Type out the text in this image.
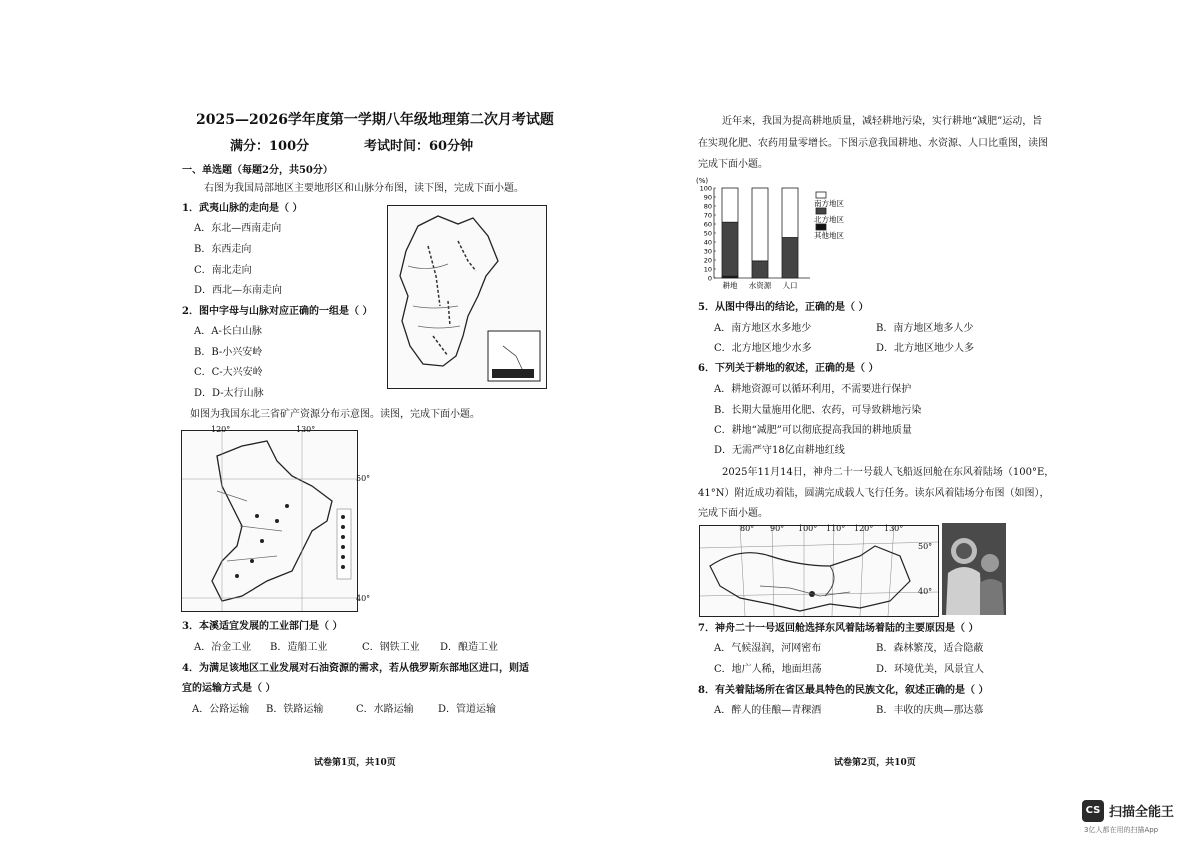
2025—2026学年度第一学期八年级地理第二次月考试题
满分：100分	考试时间：60分钟
一、单选题（每题2分，共50分）
右图为我国局部地区主要地形区和山脉分布图，读下图，完成下面小题。
1．武夷山脉的走向是（ ）
A．东北—西南走向
B．东西走向
C．南北走向
D．西北—东南走向
2．图中字母与山脉对应正确的一组是（ ）
A．A-长白山脉
B．B-小兴安岭
C．C-大兴安岭
D．D-太行山脉
如图为我国东北三省矿产资源分布示意图。读图，完成下面小题。
120°	130°
50°
40°
3．本溪适宜发展的工业部门是（ ）
A．冶金工业 B．造船工业	C．钢铁工业 D．酿造工业
4．为满足该地区工业发展对石油资源的需求，若从俄罗斯东部地区进口，则适
宜的运输方式是（ ）
A．公路运输 B．铁路运输	C．水路运输 D．管道运输
试卷第1页，共10页
近年来，我国为提高耕地质量，减轻耕地污染，实行耕地“减肥”运动，旨
在实现化肥、农药用量零增长。下图示意我国耕地、水资源、人口比重图，读图
完成下面小题。
(%)
0
10
20
30
40
50
60
70
80
90
100
耕地 水资源 人口
南方地区
北方地区
其他地区
5．从图中得出的结论，正确的是（ ）
A．南方地区水多地少	B．南方地区地多人少
C．北方地区地少水多	D．北方地区地少人多
6．下列关于耕地的叙述，正确的是（ ）
A．耕地资源可以循环利用，不需要进行保护
B．长期大量施用化肥、农药，可导致耕地污染
C．耕地“减肥”可以彻底提高我国的耕地质量
D．无需严守18亿亩耕地红线
2025年11月14日，神舟二十一号载人飞船返回舱在东风着陆场（100°E，
41°N）附近成功着陆，圆满完成载人飞行任务。读东风着陆场分布图（如图），
完成下面小题。
80° 90° 100° 110° 120° 130°
50°
40°
7．神舟二十一号返回舱选择东风着陆场着陆的主要原因是（ ）
A．气候湿润，河网密布	B．森林繁茂，适合隐蔽
C．地广人稀，地面坦荡	D．环境优美，风景宜人
8．有关着陆场所在省区最具特色的民族文化，叙述正确的是（ ）
A．醉人的佳酿—青稞酒	B．丰收的庆典—那达慕
试卷第2页，共10页
CS 扫描全能王
3亿人都在用的扫描App
